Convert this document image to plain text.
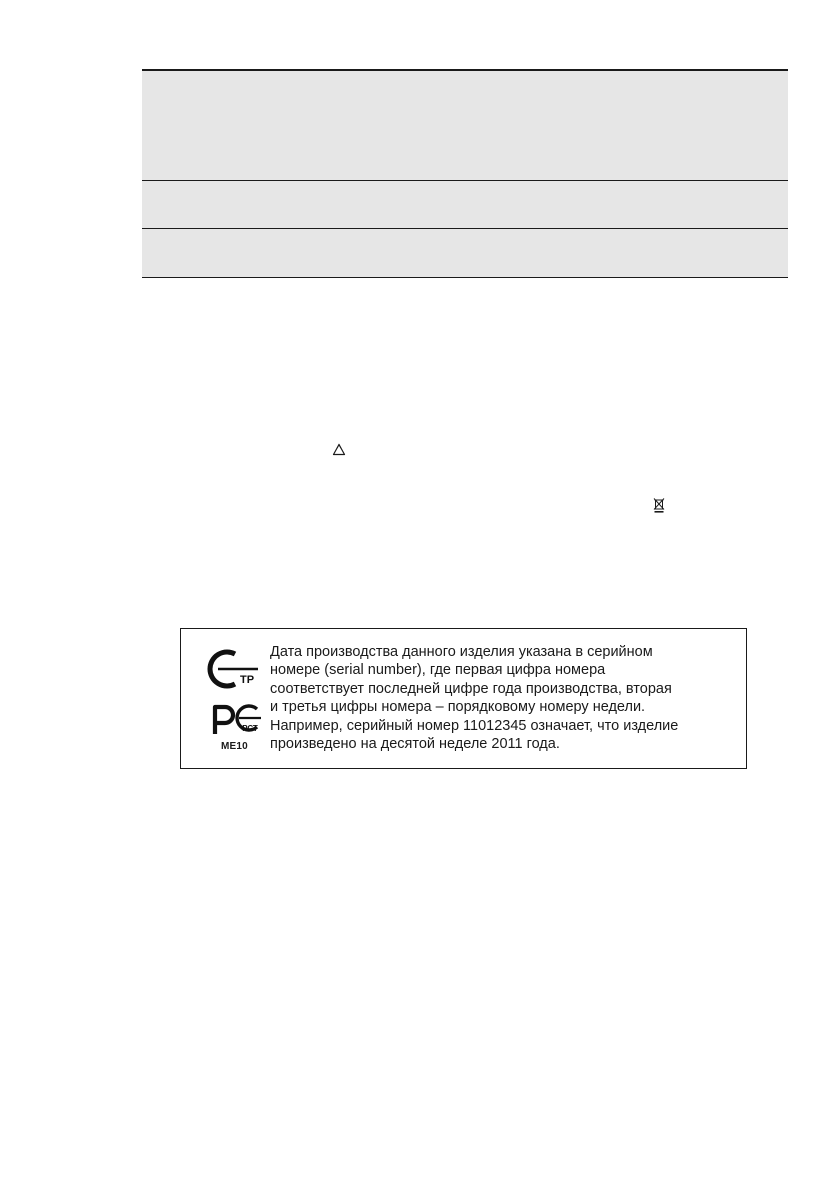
ТР
РСТ
ME10
Дата производства данного изделия указана в серийном
номере (serial number), где первая цифра номера
соответствует последней цифре года производства, вторая
и третья цифры номера – порядковому номеру недели.
Например, серийный номер 11012345 означает, что изделие
произведено на десятой неделе 2011 года.
